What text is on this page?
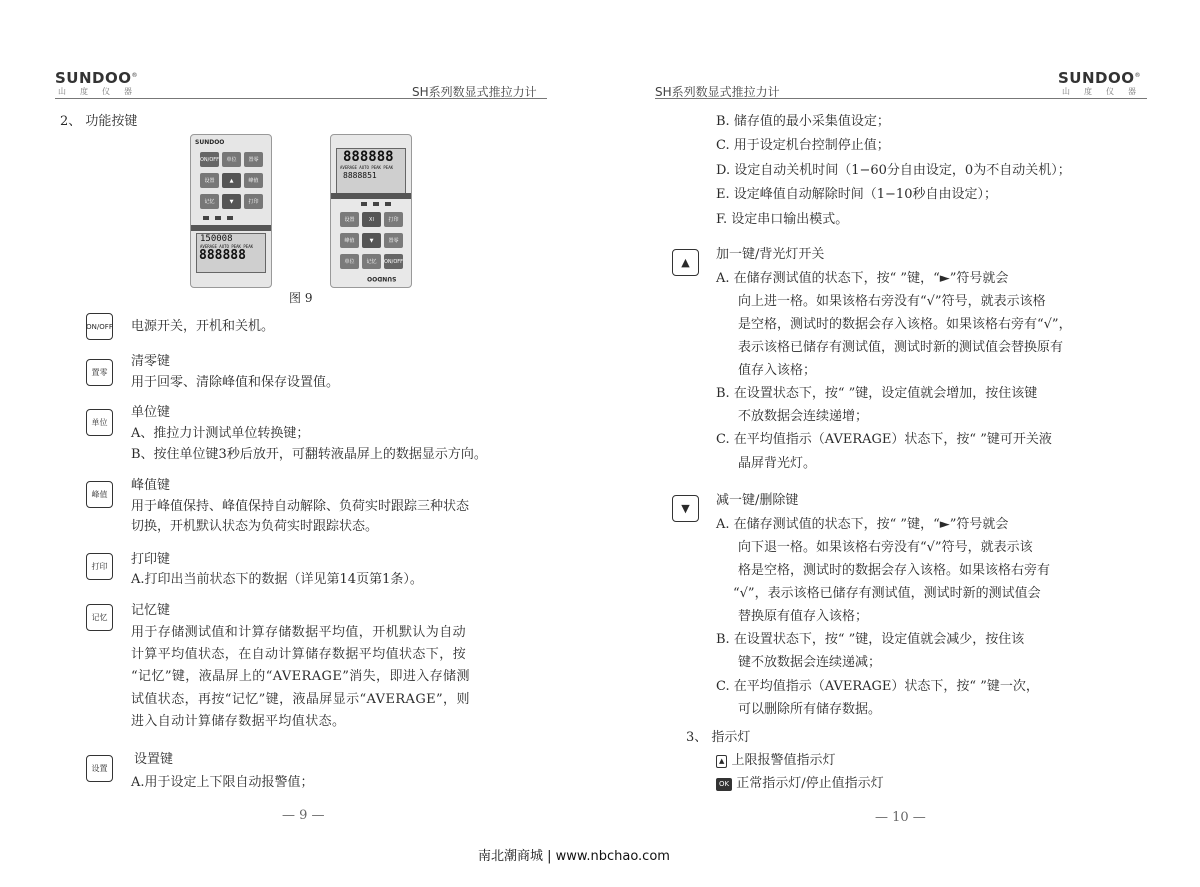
SUNDOO®
山度仪器	SH系列数显式推拉力计	SH系列数显式推拉力计
SUNDOO®
山度仪器
2、 功能按键
SUNDOO
ON/OFF	单位	置零
设置	▲	峰值
记忆	▼	打印
150008
AVERAGE AUTO PEAK PEAK
888888
888888
AVERAGE AUTO PEAK PEAK
8888851
设置	XI	打印
峰值	▼	置零
单位	记忆	ON/OFF
SUNDOO
图 9
ON/OFF 电源开关，开机和关机。
置零
清零键
用于回零、清除峰值和保存设置值。
单位
单位键
A、推拉力计测试单位转换键；
B、按住单位键3秒后放开，可翻转液晶屏上的数据显示方向。
峰值
峰值键
用于峰值保持、峰值保持自动解除、负荷实时跟踪三种状态
切换，开机默认状态为负荷实时跟踪状态。
打印	打印键
A.打印出当前状态下的数据（详见第14页第1条）。
记忆	记忆键
用于存储测试值和计算存储数据平均值，开机默认为自动
计算平均值状态，在自动计算储存数据平均值状态下，按
“记忆”键，液晶屏上的“AVERAGE”消失，即进入存储测
试值状态，再按“记忆”键，液晶屏显示“AVERAGE”，则
进入自动计算储存数据平均值状态。
设置
设置键
A.用于设定上下限自动报警值；
— 9 —
B. 储存值的最小采集值设定；
C. 用于设定机台控制停止值；
D. 设定自动关机时间（1−60分自由设定，0为不自动关机）；
E. 设定峰值自动解除时间（1−10秒自由设定）；
F. 设定串口输出模式。
▲
加一键/背光灯开关
A. 在储存测试值的状态下，按“ ”键，“►”符号就会
向上进一格。如果该格右旁没有“√”符号，就表示该格
是空格，测试时的数据会存入该格。如果该格右旁有“√”，
表示该格已储存有测试值，测试时新的测试值会替换原有
值存入该格；
B. 在设置状态下，按“ ”键，设定值就会增加，按住该键
不放数据会连续递增；
C. 在平均值指示（AVERAGE）状态下，按“ ”键可开关液
晶屏背光灯。
▼
减一键/删除键
A. 在储存测试值的状态下，按“ ”键，“►”符号就会
向下退一格。如果该格右旁没有“√”符号，就表示该
格是空格，测试时的数据会存入该格。如果该格右旁有
“√”，表示该格已储存有测试值，测试时新的测试值会
替换原有值存入该格；
B. 在设置状态下，按“ ”键，设定值就会减少，按住该
键不放数据会连续递减；
C. 在平均值指示（AVERAGE）状态下，按“ ”键一次，
可以删除所有储存数据。
3、 指示灯
▲ 上限报警值指示灯
OK 正常指示灯/停止值指示灯
— 10 —
南北潮商城 | www.nbchao.com
